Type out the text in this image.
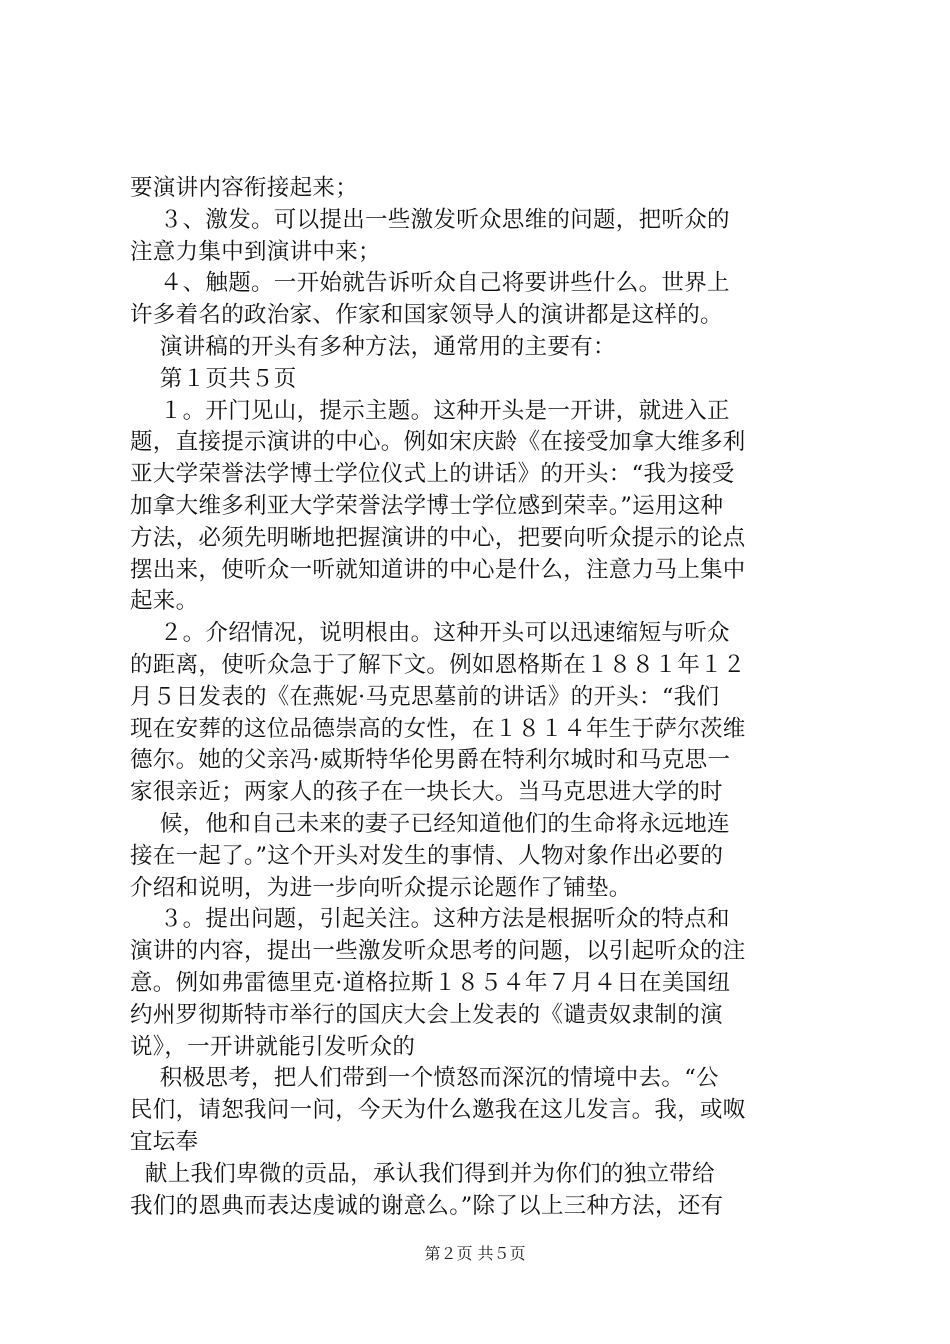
要演讲内容衔接起来；
３、激发。可以提出一些激发听众思维的问题，把听众的
注意力集中到演讲中来；
４、触题。一开始就告诉听众自己将要讲些什么。世界上
许多着名的政治家、作家和国家领导人的演讲都是这样的。
演讲稿的开头有多种方法，通常用的主要有：
第１页共５页
１。开门见山，提示主题。这种开头是一开讲，就进入正
题，直接提示演讲的中心。例如宋庆龄《在接受加拿大维多利
亚大学荣誉法学博士学位仪式上的讲话》的开头：“我为接受
加拿大维多利亚大学荣誉法学博士学位感到荣幸。”运用这种
方法，必须先明晰地把握演讲的中心，把要向听众提示的论点
摆出来，使听众一听就知道讲的中心是什么，注意力马上集中
起来。
２。介绍情况，说明根由。这种开头可以迅速缩短与听众
的距离，使听众急于了解下文。例如恩格斯在１８８１年１２
月５日发表的《在燕妮·马克思墓前的讲话》的开头：“我们
现在安葬的这位品德崇高的女性，在１８１４年生于萨尔茨维
德尔。她的父亲冯·威斯特华伦男爵在特利尔城时和马克思一
家很亲近；两家人的孩子在一块长大。当马克思进大学的时
候，他和自己未来的妻子已经知道他们的生命将永远地连
接在一起了。”这个开头对发生的事情、人物对象作出必要的
介绍和说明，为进一步向听众提示论题作了铺垫。
３。提出问题，引起关注。这种方法是根据听众的特点和
演讲的内容，提出一些激发听众思考的问题，以引起听众的注
意。例如弗雷德里克·道格拉斯１８５４年７月４日在美国纽
约州罗彻斯特市举行的国庆大会上发表的《谴责奴隶制的演
说》，一开讲就能引发听众的
积极思考，把人们带到一个愤怒而深沉的情境中去。“公
民们，请恕我问一问，今天为什么邀我在这儿发言。我，或呶
宜坛奉
献上我们卑微的贡品，承认我们得到并为你们的独立带给
我们的恩典而表达虔诚的谢意么。”除了以上三种方法，还有
第２页 共５页
